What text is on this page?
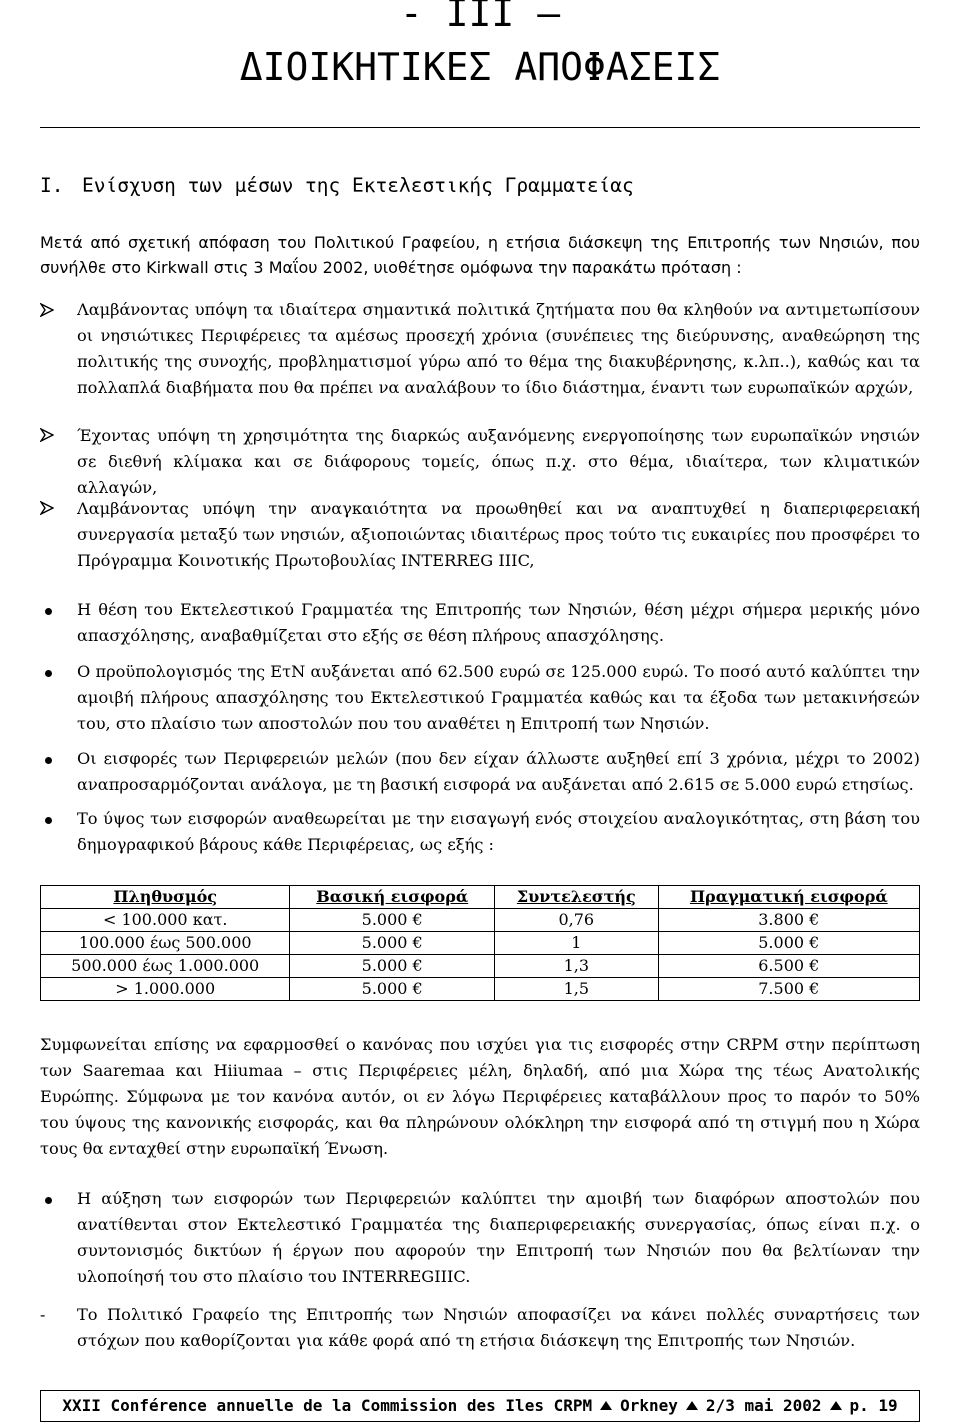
- III –
ΔΙΟΙΚΗΤΙΚΕΣ ΑΠΟΦΑΣΕΙΣ
I. Ενίσχυση των μέσων της Εκτελεστικής Γραμματείας
Μετά από σχετική απόφαση του Πολιτικού Γραφείου, η ετήσια διάσκεψη της Επιτροπής των Νησιών, που συνήλθε στο Kirkwall στις 3 Μαΐου 2002, υιοθέτησε ομόφωνα την παρακάτω πρόταση :
Λαμβάνοντας υπόψη τα ιδιαίτερα σημαντικά πολιτικά ζητήματα που θα κληθούν να αντιμετωπίσουν οι νησιώτικες Περιφέρειες τα αμέσως προσεχή χρόνια (συνέπειες της διεύρυνσης, αναθεώρηση της πολιτικής της συνοχής, προβληματισμοί γύρω από το θέμα της διακυβέρνησης, κ.λπ..), καθώς και τα πολλαπλά διαβήματα που θα πρέπει να αναλάβουν το ίδιο διάστημα, έναντι των ευρωπαϊκών αρχών,
Έχοντας υπόψη τη χρησιμότητα της διαρκώς αυξανόμενης ενεργοποίησης των ευρωπαϊκών νησιών σε διεθνή κλίμακα και σε διάφορους τομείς, όπως π.χ. στο θέμα, ιδιαίτερα, των κλιματικών αλλαγών,
Λαμβάνοντας υπόψη την αναγκαιότητα να προωθηθεί και να αναπτυχθεί η διαπεριφερειακή συνεργασία μεταξύ των νησιών, αξιοποιώντας ιδιαιτέρως προς τούτο τις ευκαιρίες που προσφέρει το Πρόγραμμα Κοινοτικής Πρωτοβουλίας INTERREG IIIC,
Η θέση του Εκτελεστικού Γραμματέα της Επιτροπής των Νησιών, θέση μέχρι σήμερα μερικής μόνο απασχόλησης, αναβαθμίζεται στο εξής σε θέση πλήρους απασχόλησης.
Ο προϋπολογισμός της ΕτΝ αυξάνεται από 62.500 ευρώ σε 125.000 ευρώ. Το ποσό αυτό καλύπτει την αμοιβή πλήρους απασχόλησης του Εκτελεστικού Γραμματέα καθώς και τα έξοδα των μετακινήσεών του, στο πλαίσιο των αποστολών που του αναθέτει η Επιτροπή των Νησιών.
Οι εισφορές των Περιφερειών μελών (που δεν είχαν άλλωστε αυξηθεί επί 3 χρόνια, μέχρι το 2002) αναπροσαρμόζονται ανάλογα, με τη βασική εισφορά να αυξάνεται από 2.615 σε 5.000 ευρώ ετησίως.
Το ύψος των εισφορών αναθεωρείται με την εισαγωγή ενός στοιχείου αναλογικότητας, στη βάση του δημογραφικού βάρους κάθε Περιφέρειας, ως εξής :
Πληθυσμός	Βασική εισφορά	Συντελεστής	Πραγματική εισφορά
< 100.000 κατ.	5.000 €	0,76	3.800 €
100.000 έως 500.000	5.000 €	1	5.000 €
500.000 έως 1.000.000	5.000 €	1,3	6.500 €
> 1.000.000	5.000 €	1,5	7.500 €
Συμφωνείται επίσης να εφαρμοσθεί ο κανόνας που ισχύει για τις εισφορές στην CRPM στην περίπτωση των Saaremaa και Hiiumaa – στις Περιφέρειες μέλη, δηλαδή, από μια Χώρα της τέως Ανατολικής Ευρώπης. Σύμφωνα με τον κανόνα αυτόν, οι εν λόγω Περιφέρειες καταβάλλουν προς το παρόν το 50% του ύψους της κανονικής εισφοράς, και θα πληρώνουν ολόκληρη την εισφορά από τη στιγμή που η Χώρα τους θα ενταχθεί στην ευρωπαϊκή Ένωση.
Η αύξηση των εισφορών των Περιφερειών καλύπτει την αμοιβή των διαφόρων αποστολών που ανατίθενται στον Εκτελεστικό Γραμματέα της διαπεριφερειακής συνεργασίας, όπως είναι π.χ. ο συντονισμός δικτύων ή έργων που αφορούν την Επιτροπή των Νησιών που θα βελτίωναν την υλοποίησή του στο πλαίσιο του INTERREGIIIC.
- Το Πολιτικό Γραφείο της Επιτροπής των Νησιών αποφασίζει να κάνει πολλές συναρτήσεις των στόχων που καθορίζονται για κάθε φορά από τη ετήσια διάσκεψη της Επιτροπής των Νησιών.
XXII Conférence annuelle de la Commission des Iles CRPM Orkney 2/3 mai 2002 p. 19
